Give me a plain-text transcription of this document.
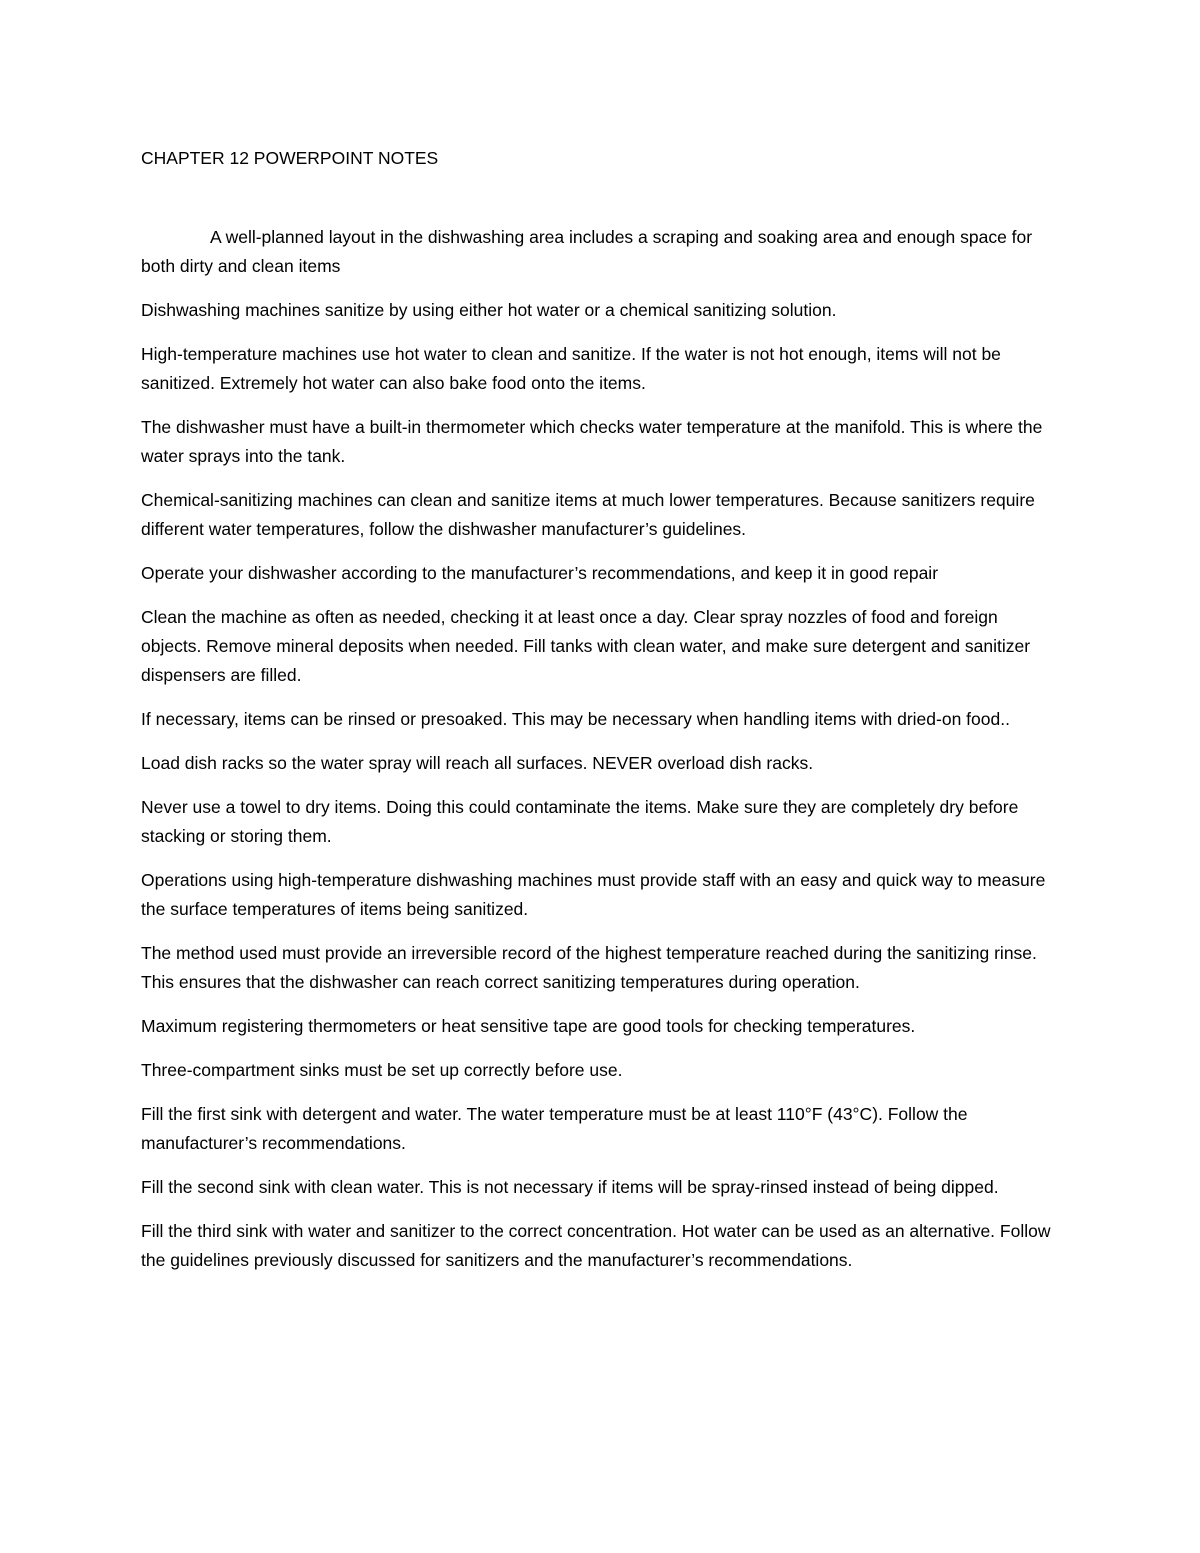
CHAPTER 12 POWERPOINT NOTES

A well-planned layout in the dishwashing area includes a scraping and soaking area and enough space for both dirty and clean items

Dishwashing machines sanitize by using either hot water or a chemical sanitizing solution.

High-temperature machines use hot water to clean and sanitize. If the water is not hot enough, items will not be sanitized. Extremely hot water can also bake food onto the items.

The dishwasher must have a built-in thermometer which checks water temperature at the manifold. This is where the water sprays into the tank.

Chemical-sanitizing machines can clean and sanitize items at much lower temperatures. Because sanitizers require different water temperatures, follow the dishwasher manufacturer’s guidelines.

Operate your dishwasher according to the manufacturer’s recommendations, and keep it in good repair

Clean the machine as often as needed, checking it at least once a day. Clear spray nozzles of food and foreign objects. Remove mineral deposits when needed. Fill tanks with clean water, and make sure detergent and sanitizer dispensers are filled.

If necessary, items can be rinsed or presoaked. This may be necessary when handling items with dried-on food..

Load dish racks so the water spray will reach all surfaces. NEVER overload dish racks.

Never use a towel to dry items. Doing this could contaminate the items. Make sure they are completely dry before stacking or storing them.

Operations using high-temperature dishwashing machines must provide staff with an easy and quick way to measure the surface temperatures of items being sanitized.

The method used must provide an irreversible record of the highest temperature reached during the sanitizing rinse. This ensures that the dishwasher can reach correct sanitizing temperatures during operation.

Maximum registering thermometers or heat sensitive tape are good tools for checking temperatures.

Three-compartment sinks must be set up correctly before use.

Fill the first sink with detergent and water. The water temperature must be at least 110°F (43°C). Follow the manufacturer’s recommendations.

Fill the second sink with clean water. This is not necessary if items will be spray-rinsed instead of being dipped.

Fill the third sink with water and sanitizer to the correct concentration. Hot water can be used as an alternative. Follow the guidelines previously discussed for sanitizers and the manufacturer’s recommendations.
